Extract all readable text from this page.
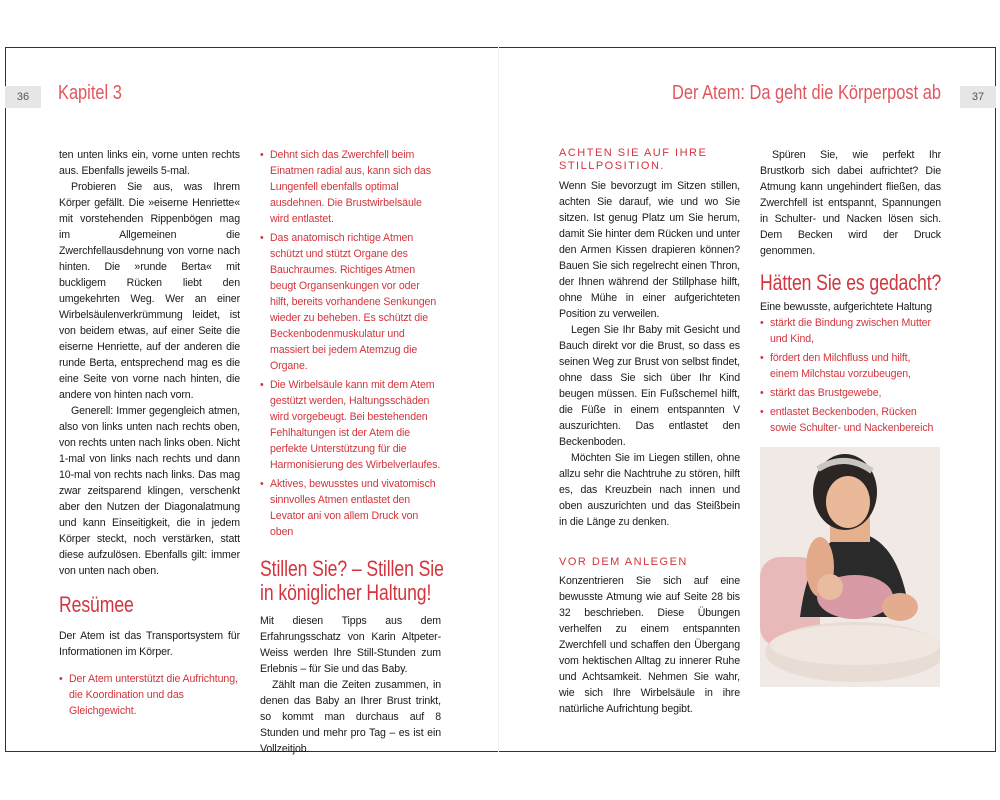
36	Kapitel 3	Der Atem: Da geht die Körperpost ab	37

ten unten links ein, vorne unten rechts aus. Ebenfalls jeweils 5-mal.

Probieren Sie aus, was Ihrem Körper gefällt. Die »eiserne Henriette« mit vorstehenden Rippenbögen mag im Allgemeinen die Zwerchfellausdehnung von vorne nach hinten. Die »runde Berta« mit buckligem Rücken liebt den umgekehrten Weg. Wer an einer Wirbelsäulenverkrümmung leidet, ist von beidem etwas, auf einer Seite die eiserne Henriette, auf der anderen die runde Berta, entsprechend mag es die eine Seite von vorne nach hinten, die andere von hinten nach vorn.

Generell: Immer gegengleich atmen, also von links unten nach rechts oben, von rechts unten nach links oben. Nicht 1-mal von links nach rechts und dann 10-mal von rechts nach links. Das mag zwar zeitsparend klingen, verschenkt aber den Nutzen der Diagonalatmung und kann Einseitigkeit, die in jedem Körper steckt, noch verstärken, statt diese aufzulösen. Ebenfalls gilt: immer von unten nach oben.

Resümee

Der Atem ist das Transportsystem für Informationen im Körper.

• Der Atem unterstützt die Aufrichtung, die Koordination und das Gleichgewicht.
• Dehnt sich das Zwerchfell beim Einatmen radial aus, kann sich das Lungenfell ebenfalls optimal ausdehnen. Die Brustwirbelsäule wird entlastet.
• Das anatomisch richtige Atmen schützt und stützt Organe des Bauchraumes. Richtiges Atmen beugt Organsenkungen vor oder hilft, bereits vorhandene Senkungen wieder zu beheben. Es schützt die Beckenbodenmuskulatur und massiert bei jedem Atemzug die Organe.
• Die Wirbelsäule kann mit dem Atem gestützt werden, Haltungsschäden wird vorgebeugt. Bei bestehenden Fehlhaltungen ist der Atem die perfekte Unterstützung für die Harmonisierung des Wirbelverlaufes.
• Aktives, bewusstes und vivatomisch sinnvolles Atmen entlastet den Levator ani von allem Druck von oben
Stillen Sie? – Stillen Sie
in königlicher Haltung!

Mit diesen Tipps aus dem Erfahrungsschatz von Karin Altpeter-Weiss werden Ihre Still-Stunden zum Erlebnis – für Sie und das Baby.

Zählt man die Zeiten zusammen, in denen das Baby an Ihrer Brust trinkt, so kommt man durchaus auf 8 Stunden und mehr pro Tag – es ist ein Vollzeitjob.

ACHTEN SIE AUF IHRE
STILLPOSITION.

Wenn Sie bevorzugt im Sitzen stillen, achten Sie darauf, wie und wo Sie sitzen. Ist genug Platz um Sie herum, damit Sie hinter dem Rücken und unter den Armen Kissen drapieren können? Bauen Sie sich regelrecht einen Thron, der Ihnen während der Stillphase hilft, ohne Mühe in einer aufgerichteten Position zu verweilen.

Legen Sie Ihr Baby mit Gesicht und Bauch direkt vor die Brust, so dass es seinen Weg zur Brust von selbst findet, ohne dass Sie sich über Ihr Kind beugen müssen. Ein Fußschemel hilft, die Füße in einem entspannten V auszurichten. Das entlastet den Beckenboden.

Möchten Sie im Liegen stillen, ohne allzu sehr die Nachtruhe zu stören, hilft es, das Kreuzbein nach innen und oben auszurichten und das Steißbein in die Länge zu denken.

VOR DEM ANLEGEN

Konzentrieren Sie sich auf eine bewusste Atmung wie auf Seite 28 bis 32 beschrieben. Diese Übungen verhelfen zu einem entspannten Zwerchfell und schaffen den Übergang vom hektischen Alltag zu innerer Ruhe und Achtsamkeit. Nehmen Sie wahr, wie sich Ihre Wirbelsäule in ihre natürliche Aufrichtung begibt.

Spüren Sie, wie perfekt Ihr Brustkorb sich dabei aufrichtet? Die Atmung kann ungehindert fließen, das Zwerchfell ist entspannt, Spannungen in Schulter- und Nacken lösen sich. Dem Becken wird der Druck genommen.

Hätten Sie es gedacht?

Eine bewusste, aufgerichtete Haltung

• stärkt die Bindung zwischen Mutter und Kind,
• fördert den Milchfluss und hilft, einem Milchstau vorzubeugen,
• stärkt das Brustgewebe,
• entlastet Beckenboden, Rücken sowie Schulter- und Nackenbereich
